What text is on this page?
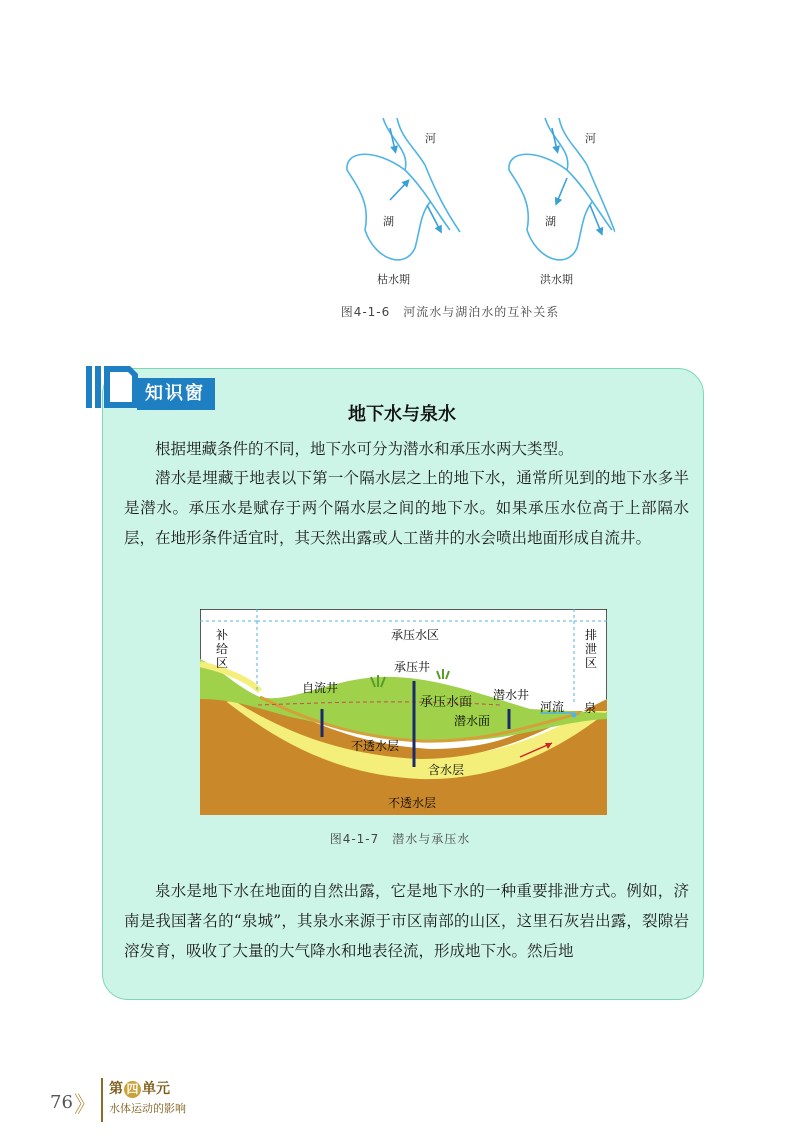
河
湖
枯水期
河
湖
洪水期
图4-1-6　河流水与湖泊水的互补关系
知识窗
地下水与泉水
根据埋藏条件的不同，地下水可分为潜水和承压水两大类型。
潜水是埋藏于地表以下第一个隔水层之上的地下水，通常所见到的地下水多半是潜水。承压水是赋存于两个隔水层之间的地下水。如果承压水位高于上部隔水层，在地形条件适宜时，其天然出露或人工凿井的水会喷出地面形成自流井。
补
给
区
承压水区	排
泄
区
自流井
承压井
承压水面 潜水井
潜水面
河流 泉
不透水层
含水层
不透水层
图4-1-7　潜水与承压水
泉水是地下水在地面的自然出露，它是地下水的一种重要排泄方式。例如，济南是我国著名的“泉城”，其泉水来源于市区南部的山区，这里石灰岩出露，裂隙岩溶发育，吸收了大量的大气降水和地表径流，形成地下水。然后地
76 》
第 四 单元
水体运动的影响
